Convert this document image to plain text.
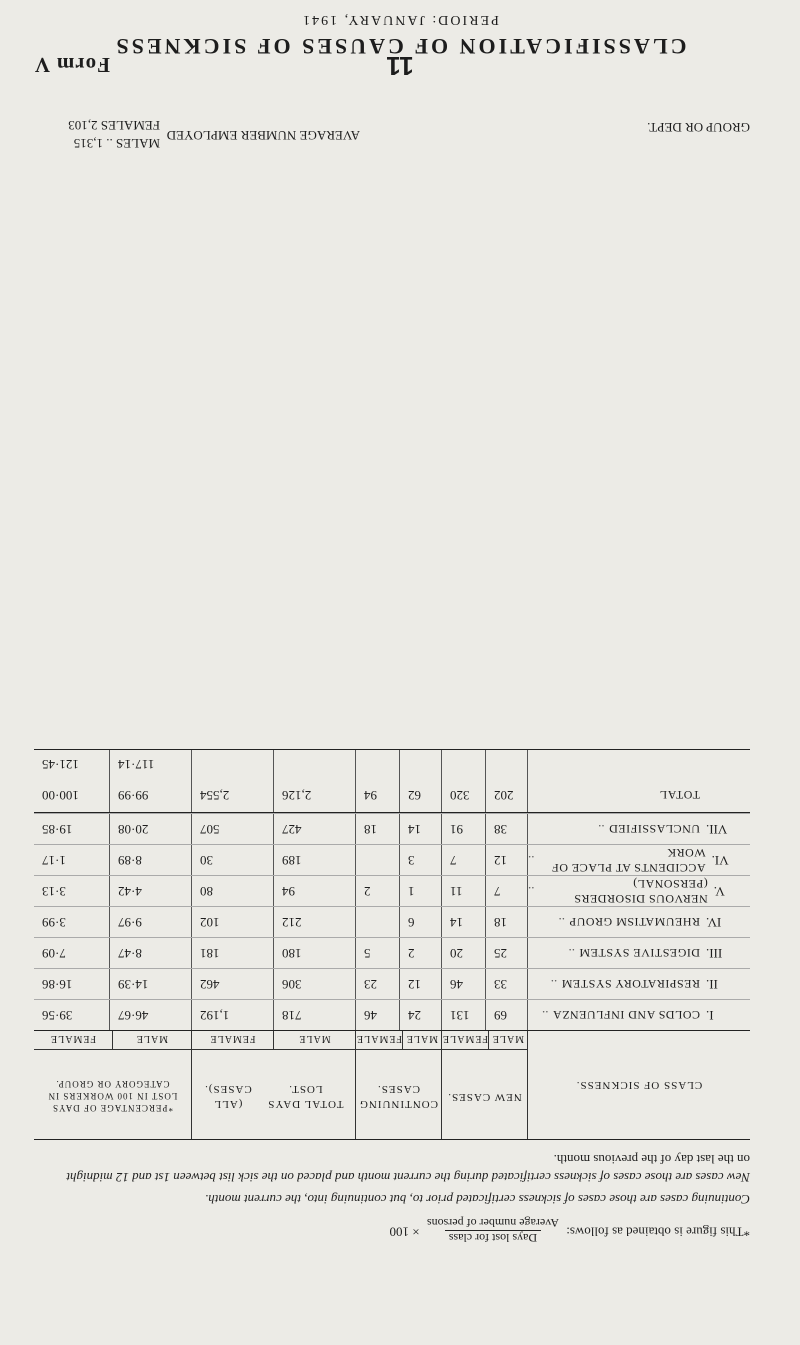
*This figure is obtained as follows:
Days lost for class
Average number of persons
× 100
Continuing cases are those cases of sickness certificated prior to, but continuing into, the current month.
New cases are those cases of sickness certificated during the current month and placed on the sick list between 1st and 12 midnight
on the last day of the previous month.
CLASS OF SICKNESS.
NEW CASES.
MALE
FEMALE
CONTINUING CASES.
MALE
FEMALE
TOTAL DAYS LOST.
(ALL CASES).
MALE
FEMALE
*PERCENTAGE OF DAYS LOST IN 100 WORKERS IN CATEGORY OR GROUP.
MALE
FEMALE
I.
COLDS AND INFLUENZA
..
69
131
24
46
718
1,192
46·67
39·56
II.
RESPIRATORY SYSTEM
..
33
46
12
23
306
462
14·39
16·86
III.
DIGESTIVE SYSTEM
..
25
20
2
5
180
181
8·47
7·09
IV.
RHEUMATISM GROUP
..
18
14
6
212
102
9·97
3·99
V.
NERVOUS DISORDERS (PERSONAL)
..
7
11
1
2
94
80
4·42
3·13
VI.
ACCIDENTS AT PLACE OF WORK
..
12
7
3
189
30
8·89
1·17
VII.
UNCLASSIFIED
..
38
91
14
18
427
507
20·08
19·85
TOTAL
202
320
62
94
2,126
2,554
99·99
100·00
117·14
121·45
GROUP OR DEPT.
AVERAGE NUMBER EMPLOYED
MALES .. 1,315
FEMALES 2,103
11
Form V
CLASSIFICATION OF CAUSES OF SICKNESS
PERIOD: JANUARY, 1941
